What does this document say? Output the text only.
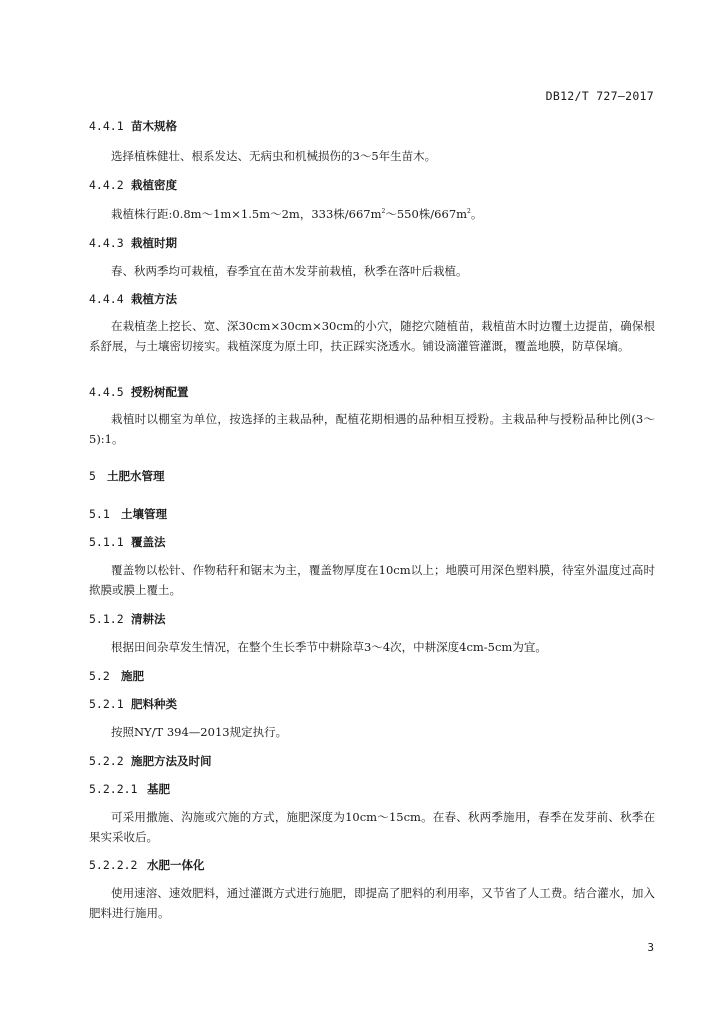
DB12/T 727—2017

4.4.1 苗木规格

选择植株健壮、根系发达、无病虫和机械损伤的3～5年生苗木。

4.4.2 栽植密度

栽植株行距:0.8m～1m×1.5m～2m，333株$/667m^2\sim 550$株$/667m^2$。

4.4.3 栽植时期

春、秋两季均可栽植，春季宜在苗木发芽前栽植，秋季在落叶后栽植。

4.4.4 栽植方法

在栽植垄上挖长、宽、深30cm×30cm×30cm的小穴，随挖穴随植苗，栽植苗木时边覆土边提苗，确保根系舒展，与土壤密切接实。栽植深度为原土印，扶正踩实浇透水。铺设滴灌管灌溉，覆盖地膜，防草保墒。

4.4.5 授粉树配置

栽植时以棚室为单位，按选择的主栽品种，配植花期相遇的品种相互授粉。主栽品种与授粉品种比例(3～5):1。

5 土肥水管理

5.1 土壤管理

5.1.1 覆盖法

覆盖物以松针、作物秸秆和锯末为主，覆盖物厚度在10cm以上；地膜可用深色塑料膜，待室外温度过高时揿膜或膜上覆土。

5.1.2 清耕法

根据田间杂草发生情况，在整个生长季节中耕除草3～4次，中耕深度4cm-5cm为宜。

5.2 施肥

5.2.1 肥料种类

按照NY/T 394—2013规定执行。

5.2.2 施肥方法及时间

5.2.2.1 基肥

可采用撒施、沟施或穴施的方式，施肥深度为10cm～15cm。在春、秋两季施用，春季在发芽前、秋季在果实采收后。

5.2.2.2 水肥一体化

使用速溶、速效肥料，通过灌溉方式进行施肥，即提高了肥料的利用率，又节省了人工费。结合灌水，加入肥料进行施用。

3
